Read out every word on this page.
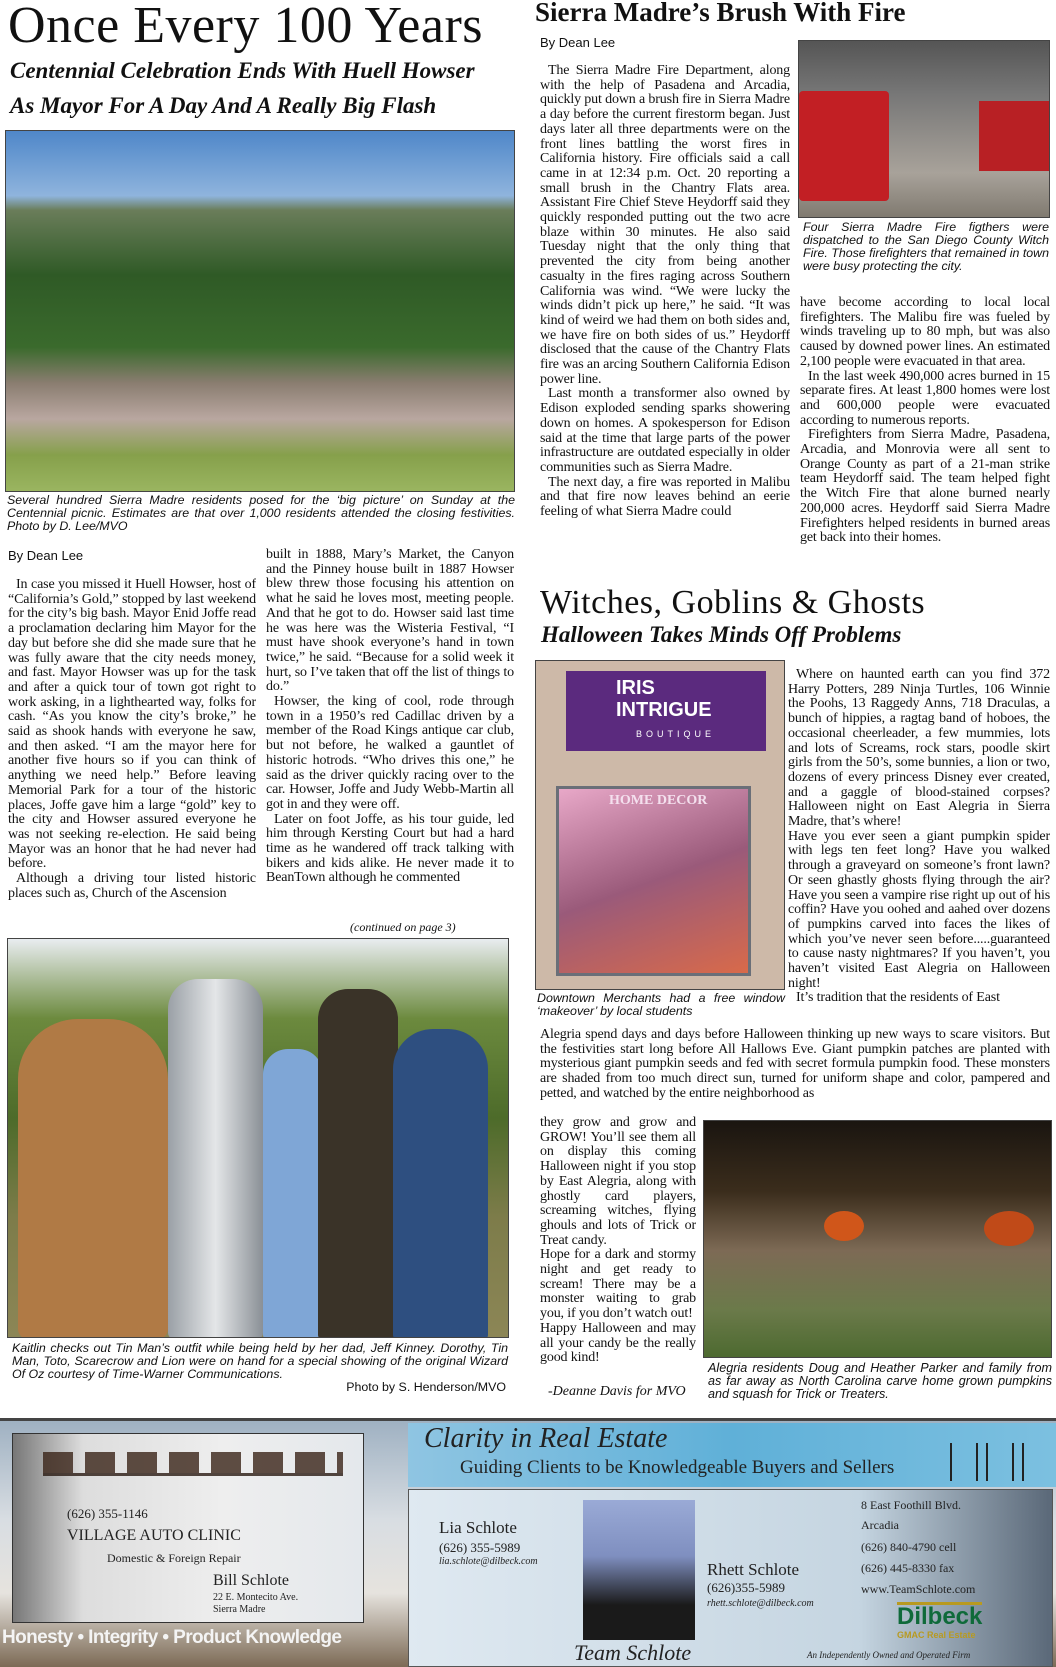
Once Every 100 Years
Centennial Celebration Ends With Huell Howser
As Mayor For A Day And A Really Big Flash
Several hundred Sierra Madre residents posed for the ‘big picture’ on Sunday at the Centennial picnic. Estimates are that over 1,000 residents attended the closing festivities. Photo by D. Lee/MVO
By Dean Lee

In case you missed it Huell Howser, host of “California’s Gold,” stopped by last weekend for the city’s big bash. Mayor Enid Joffe read a proclamation declaring him Mayor for the day but before she did she made sure that he was fully aware that the city needs money, and fast. Mayor Howser was up for the task and after a quick tour of town got right to work asking, in a lighthearted way, folks for cash. “As you know the city’s broke,” he said as shook hands with everyone he saw, and then asked. “I am the mayor here for another five hours so if you can think of anything we need help.” Before leaving Memorial Park for a tour of the historic places, Joffe gave him a large “gold” key to the city and Howser assured everyone he was not seeking re-election. He said being Mayor was an honor that he had never had before.

Although a driving tour listed historic places such as, Church of the Ascension

built in 1888, Mary’s Market, the Canyon and the Pinney house built in 1887 Howser blew threw those focusing his attention on what he said he loves most, meeting people. And that he got to do. Howser said last time he was here was the Wisteria Festival, “I must have shook everyone’s hand in town twice,” he said. “Because for a solid week it hurt, so I’ve taken that off the list of things to do.”

Howser, the king of cool, rode through town in a 1950’s red Cadillac driven by a member of the Road Kings antique car club, but not before, he walked a gauntlet of historic hotrods. “Who drives this one,” he said as the driver quickly racing over to the car. Howser, Joffe and Judy Webb-Martin all got in and they were off.

Later on foot Joffe, as his tour guide, led him through Kersting Court but had a hard time as he wandered off track talking with bikers and kids alike. He never made it to BeanTown although he commented

(continued on page 3)
Kaitlin checks out Tin Man’s outfit while being held by her dad, Jeff Kinney. Dorothy, Tin Man, Toto, Scarecrow and Lion were on hand for a special showing of the original Wizard Of Oz courtesy of Time-Warner Communications.
Photo by S. Henderson/MVO
Sierra Madre’s Brush With Fire
By Dean Lee

The Sierra Madre Fire Department, along with the help of Pasadena and Arcadia, quickly put down a brush fire in Sierra Madre a day before the current firestorm began. Just days later all three departments were on the front lines battling the worst fires in California history. Fire officials said a call came in at 12:34 p.m. Oct. 20 reporting a small brush in the Chantry Flats area. Assistant Fire Chief Steve Heydorff said they quickly responded putting out the two acre blaze within 30 minutes. He also said Tuesday night that the only thing that prevented the city from being another casualty in the fires raging across Southern California was wind. “We were lucky the winds didn’t pick up here,” he said. “It was kind of weird we had them on both sides and, we have fire on both sides of us.” Heydorff disclosed that the cause of the Chantry Flats fire was an arcing Southern California Edison power line.

Last month a transformer also owned by Edison exploded sending sparks showering down on homes. A spokesperson for Edison said at the time that large parts of the power infrastructure are outdated especially in older communities such as Sierra Madre.

The next day, a fire was reported in Malibu and that fire now leaves behind an eerie feeling of what Sierra Madre could

Four Sierra Madre Fire figthers were dispatched to the San Diego County Witch Fire. Those firefighters that remained in town were busy protecting the city.

have become according to local local firefighters. The Malibu fire was fueled by winds traveling up to 80 mph, but was also caused by downed power lines. An estimated 2,100 people were evacuated in that area.

In the last week 490,000 acres burned in 15 separate fires. At least 1,800 homes were lost and 600,000 people were evacuated according to numerous reports.

Firefighters from Sierra Madre, Pasadena, Arcadia, and Monrovia were all sent to Orange County as part of a 21-man strike team Heydorff said. The team helped fight the Witch Fire that alone burned nearly 200,000 acres. Heydorff said Sierra Madre Firefighters helped residents in burned areas get back into their homes.

Witches, Goblins & Ghosts
Halloween Takes Minds Off Problems
IRIS
INTRIGUE
BOUTIQUE
HOME DECOR
Downtown Merchants had a free window ‘makeover’ by local students

Where on haunted earth can you find 372 Harry Potters, 289 Ninja Turtles, 106 Winnie the Poohs, 13 Raggedy Anns, 718 Draculas, a bunch of hippies, a ragtag band of hoboes, the occasional cheerleader, a few mummies, lots and lots of Screams, rock stars, poodle skirt girls from the 50’s, some bunnies, a lion or two, dozens of every princess Disney ever created, and a gaggle of blood-stained corpses? Halloween night on East Alegria in Sierra Madre, that’s where!

Have you ever seen a giant pumpkin spider with legs ten feet long? Have you walked through a graveyard on someone’s front lawn? Or seen ghastly ghosts flying through the air? Have you seen a vampire rise right up out of his coffin? Have you oohed and aahed over dozens of pumpkins carved into faces the likes of which you’ve never seen before.....guaranteed to cause nasty nightmares? If you haven’t, you haven’t visited East Alegria on Halloween night!

It’s tradition that the residents of East

Alegria spend days and days before Halloween thinking up new ways to scare visitors. But the festivities start long before All Hallows Eve. Giant pumpkin patches are planted with mysterious giant pumpkin seeds and fed with secret formula pumpkin food. These monsters are shaded from too much direct sun, turned for uniform shape and color, pampered and petted, and watched by the entire neighborhood as

they grow and grow and GROW! You’ll see them all on display this coming Halloween night if you stop by East Alegria, along with ghostly card players, screaming witches, flying ghouls and lots of Trick or Treat candy.

Hope for a dark and stormy night and get ready to scream! There may be a monster waiting to grab you, if you don’t watch out!

Happy Halloween and may all your candy be the really good kind!

-Deanne Davis for MVO
Alegria residents Doug and Heather Parker and family from as far away as North Carolina carve home grown pumpkins and squash for Trick or Treaters.
(626) 355-1146
VILLAGE AUTO CLINIC
Domestic & Foreign Repair
Bill Schlote
22 E. Montecito Ave.
Sierra Madre
Honesty • Integrity • Product Knowledge
Clarity in Real Estate
Guiding Clients to be Knowledgeable Buyers and Sellers
Lia Schlote
(626) 355-5989
lia.schlote@dilbeck.com	Rhett Schlote
(626)355-5989
rhett.schlote@dilbeck.com
8 East Foothill Blvd.
Arcadia
(626) 840-4790 cell
(626) 445-8330 fax
www.TeamSchlote.com
Dilbeck
GMAC Real Estate
Team Schlote	An Independently Owned and Operated Firm
